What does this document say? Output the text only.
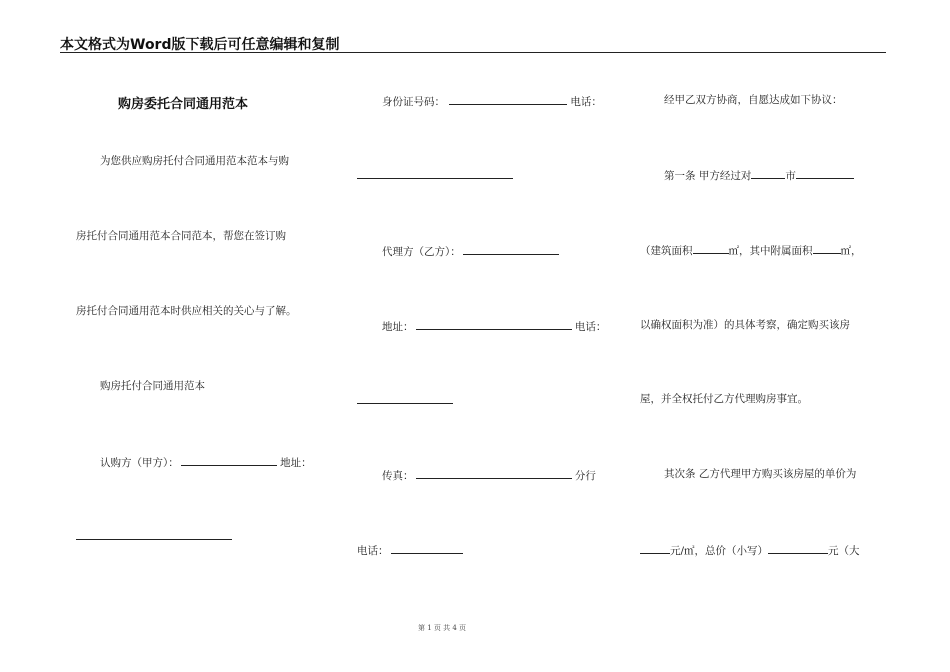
本文格式为Word版下载后可任意编辑和复制
购房委托合同通用范本
为您供应购房托付合同通用范本范本与购
房托付合同通用范本合同范本，帮您在签订购
房托付合同通用范本时供应相关的关心与了解。
购房托付合同通用范本
认购方（甲方）：	地址：
身份证号码：	电话：
代理方（乙方）：
地址：	电话：
传真：	分行
电话：
经甲乙双方协商，自愿达成如下协议：
第一条 甲方经过对	市
（建筑面积	㎡，其中附属面积	㎡，
以确权面积为准）的具体考察，确定购买该房
屋，并全权托付乙方代理购房事宜。
其次条 乙方代理甲方购买该房屋的单价为
元/㎡，总价（小写）	元（大
第 1 页 共 4 页
